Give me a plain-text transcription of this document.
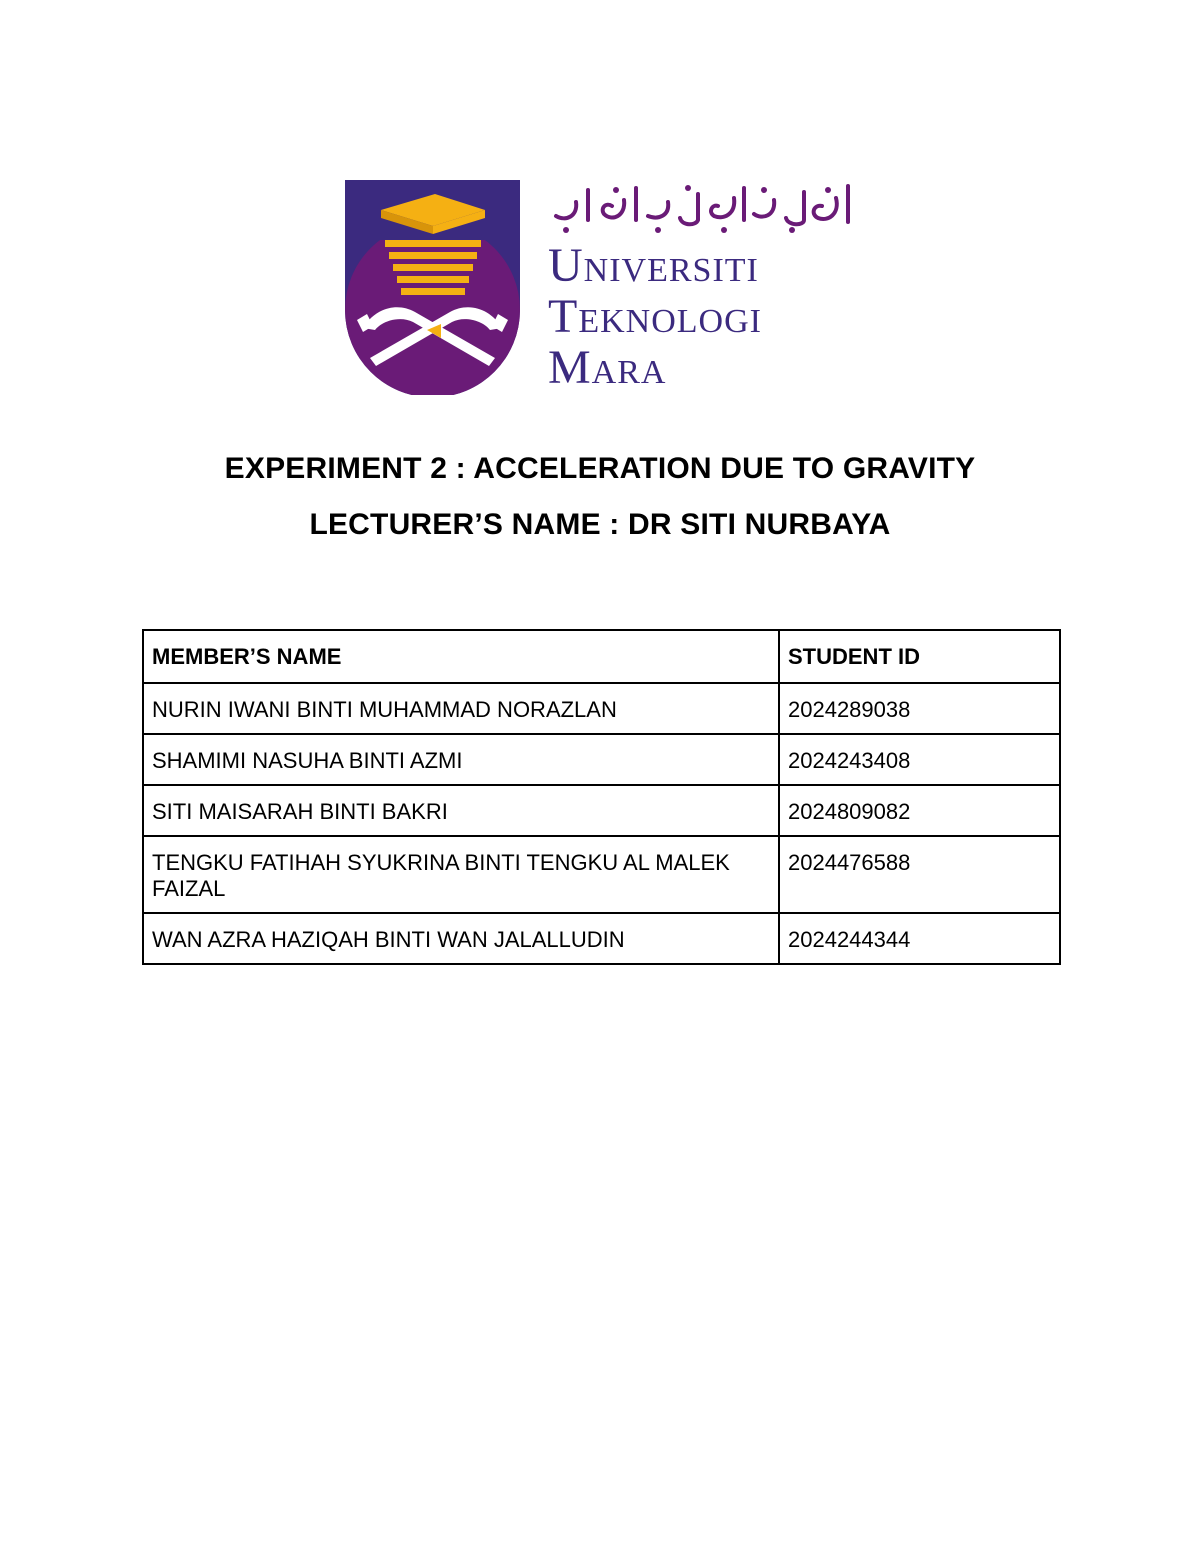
Universiti
Teknologi
Mara
EXPERIMENT 2 : ACCELERATION DUE TO GRAVITY
LECTURER’S NAME : DR SITI NURBAYA
MEMBER’S NAME	STUDENT ID
NURIN IWANI BINTI MUHAMMAD NORAZLAN	2024289038
SHAMIMI NASUHA BINTI AZMI	2024243408
SITI MAISARAH BINTI BAKRI	2024809082
TENGKU FATIHAH SYUKRINA BINTI TENGKU AL MALEK FAIZAL	2024476588
WAN AZRA HAZIQAH BINTI WAN JALALLUDIN	2024244344
